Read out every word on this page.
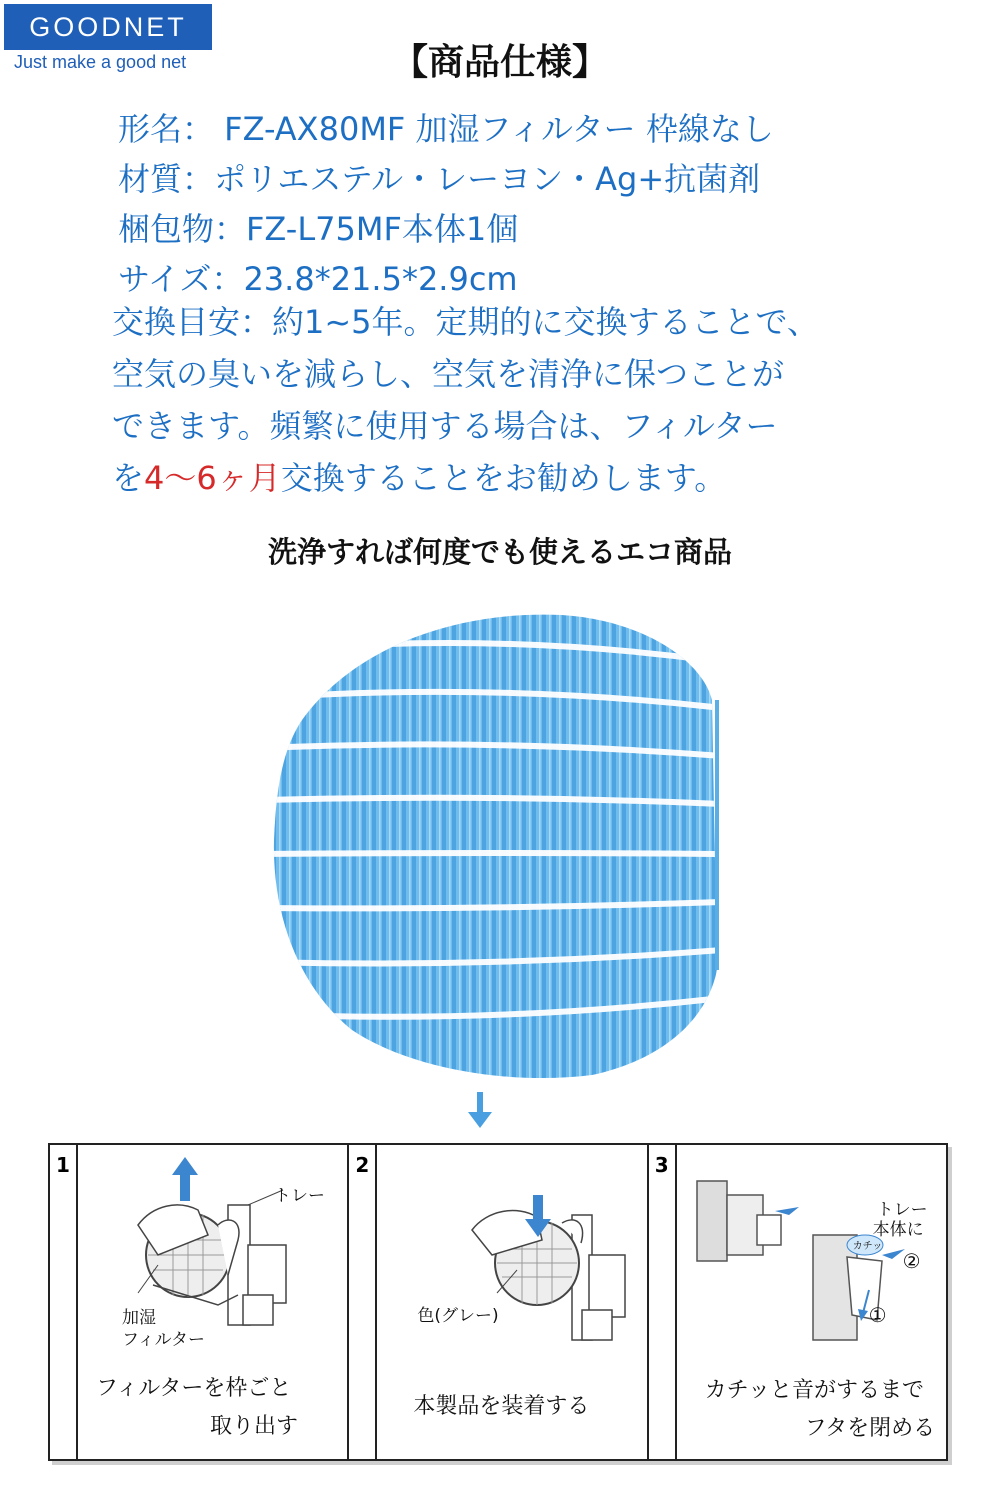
GOODNET
Just make a good net	【商品仕様】
形名： FZ-AX80MF 加湿フィルター 枠線なし
材質：ポリエステル・レーヨン・Ag+抗菌剤
梱包物：FZ-L75MF本体1個
サイズ：23.8*21.5*2.9cm
交換目安：約1~5年。定期的に交換することで、
空気の臭いを減らし、空気を清浄に保つことが
できます。頻繁に使用する場合は、フィルター
を4〜6ヶ月交換することをお勧めします。
洗浄すれば何度でも使えるエコ商品
1
トレー
加湿
フィルター
フィルターを枠ごと
取り出す
2
色(グレー)
本製品を装着する
3
トレー
本体に
カチッ
②
①
カチッと音がするまで
フタを閉める
